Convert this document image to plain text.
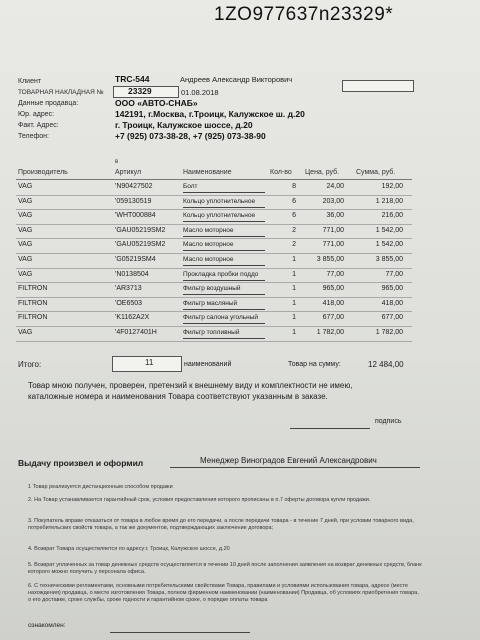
1ZO977637n23329*
Клиент	TRC-544	Андреев Александр Викторович
ТОВАРНАЯ НАКЛАДНАЯ №	23329	01.08.2018
Данные продавца:	ООО «АВТО-СНАБ»
Юр. адрес:	142191, г.Москва, г.Троицк, Калужское ш. д.20
Факт. Адрес:	г. Троицк, Калужское шоссе, д.20
Телефон:	+7 (925) 073-38-28, +7 (925) 073-38-90
в
Производитель	Артикул	Наименование	Кол-во Цена, руб. Сумма, руб.
VAG	'N90427502	Болт	8	24,00	192,00
VAG	'059130519	Кольцо уплотнительное	6	203,00	1 218,00
VAG	'WHT000884	Кольцо уплотнительное	6	36,00	216,00
VAG	'GAU05219SM2	Масло моторное	2	771,00	1 542,00
VAG	'GAU05219SM2	Масло моторное	2	771,00	1 542,00
VAG	'G05219SM4	Масло моторное	1	3 855,00	3 855,00
VAG	'N0138504	Прокладка пробки поддо	1	77,00	77,00
FILTRON	'AR3713	Фильтр воздушный	1	965,00	965,00
FILTRON	'OE6503	Фильтр масляный	1	418,00	418,00
FILTRON	'K1162A2X	Фильтр салона угольный	1	677,00	677,00
VAG	'4F0127401H	Фильтр топливный	1	1 782,00	1 782,00
Итого:	11	наименований	Товар на сумму:	12 484,00
Товар мною получен, проверен, претензий к внешнему виду и комплектности не имею, каталожные номера и наименования Товара соответствуют указанным в заказе.
подпись
Выдачу произвел и оформил	Менеджер Виноградов Евгений Александрович
1 Товар реализуется дистанционным способом продажи
2. На Товар устанавливается гарантийный срок, условия предоставления которого прописаны в п.7 оферты договора купли продажи.
3. Покупатель вправе отказаться от товара в любое время до его передачи, а после передачи товара - в течение 7 дней, при условии товарного вида, потребительских свойств товара, а так же документов, подтверждающих заключение договора;
4. Возврат Товара осуществляется по адресу:г. Троицк, Калужское шоссе, д.20
5. Возврат уплаченных за товар денежных средств осуществляется в течении 10 дней после заполнения заявления на возврат денежных средств, бланк которого можно получить у персонала офиса.
6. С техническими регламентами, основными потребительскими свойствами Товара, правилами и условиями использования товара, адресе (месте нахождения) продавца, о месте изготовления Товара, полном фирменном наименовании (наименовании) Продавца, об условиях приобретения товара, о его доставке, сроке службы, сроке годности и гарантийном сроке, о порядке оплаты товара
ознакомлен:
